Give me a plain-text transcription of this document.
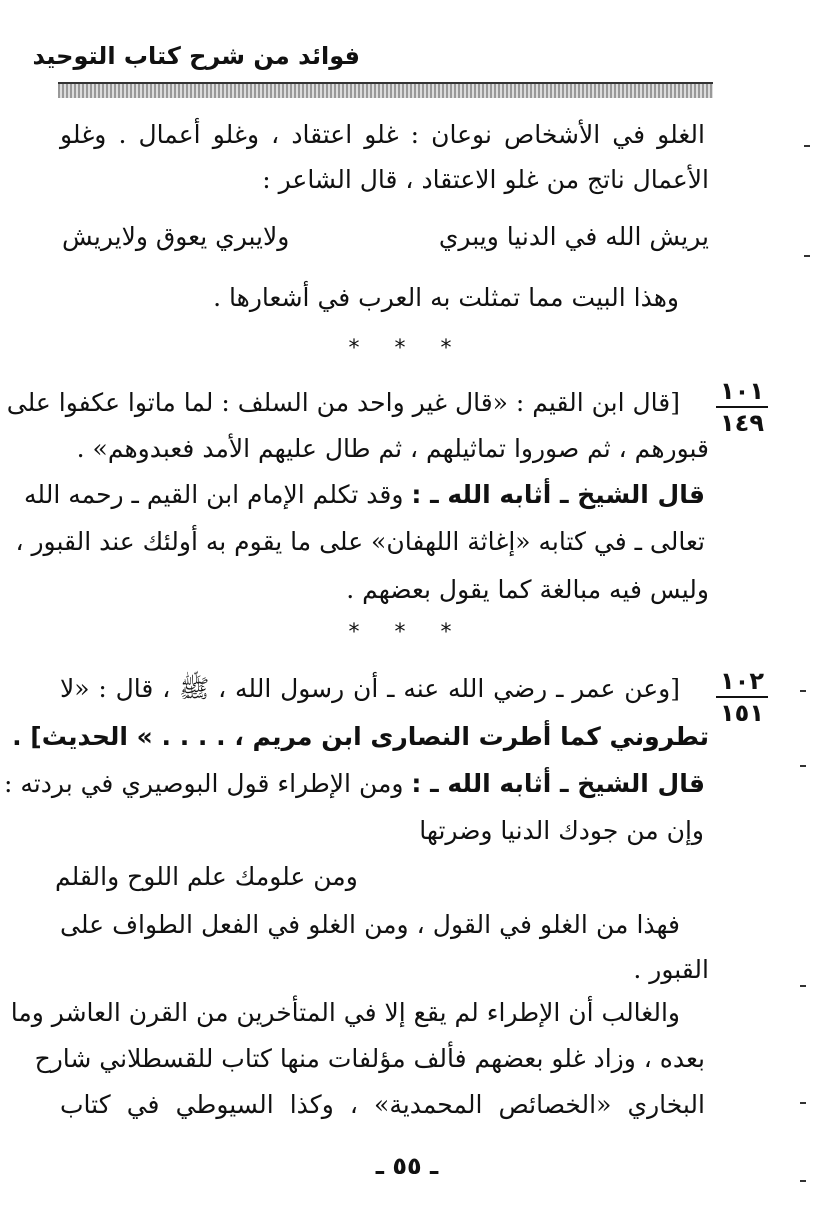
فوائد من شرح كتاب التوحيد
الغلو في الأشخاص نوعان : غلو اعتقاد ، وغلو أعمال . وغلو
الأعمال ناتج من غلو الاعتقاد ، قال الشاعر :
يريش الله في الدنيا ويبري
ولايبري يعوق ولايريش
وهذا البيت مما تمثلت به العرب في أشعارها .
* * *
١٠١
١٤٩
[قال ابن القيم : «قال غير واحد من السلف : لما ماتوا عكفوا على
قبورهم ، ثم صوروا تماثيلهم ، ثم طال عليهم الأمد فعبدوهم» .
قال الشيخ ـ أثابه الله ـ : وقد تكلم الإمام ابن القيم ـ رحمه الله
تعالى ـ في كتابه «إغاثة اللهفان» على ما يقوم به أولئك عند القبور ،
وليس فيه مبالغة كما يقول بعضهم .
* * *
١٠٢
١٥١
[وعن عمر ـ رضي الله عنه ـ أن رسول الله ، ﷺ ، قال : «لا
تطروني كما أطرت النصارى ابن مريم ، . . . . » الحديث] .
قال الشيخ ـ أثابه الله ـ : ومن الإطراء قول البوصيري في بردته :
وإن من جودك الدنيا وضرتها
ومن علومك علم اللوح والقلم
فهذا من الغلو في القول ، ومن الغلو في الفعل الطواف على
القبور .
والغالب أن الإطراء لم يقع إلا في المتأخرين من القرن العاشر وما
بعده ، وزاد غلو بعضهم فألف مؤلفات منها كتاب للقسطلاني شارح
البخاري «الخصائص المحمدية» ، وكذا السيوطي في كتاب
ـ ٥٥ ـ
